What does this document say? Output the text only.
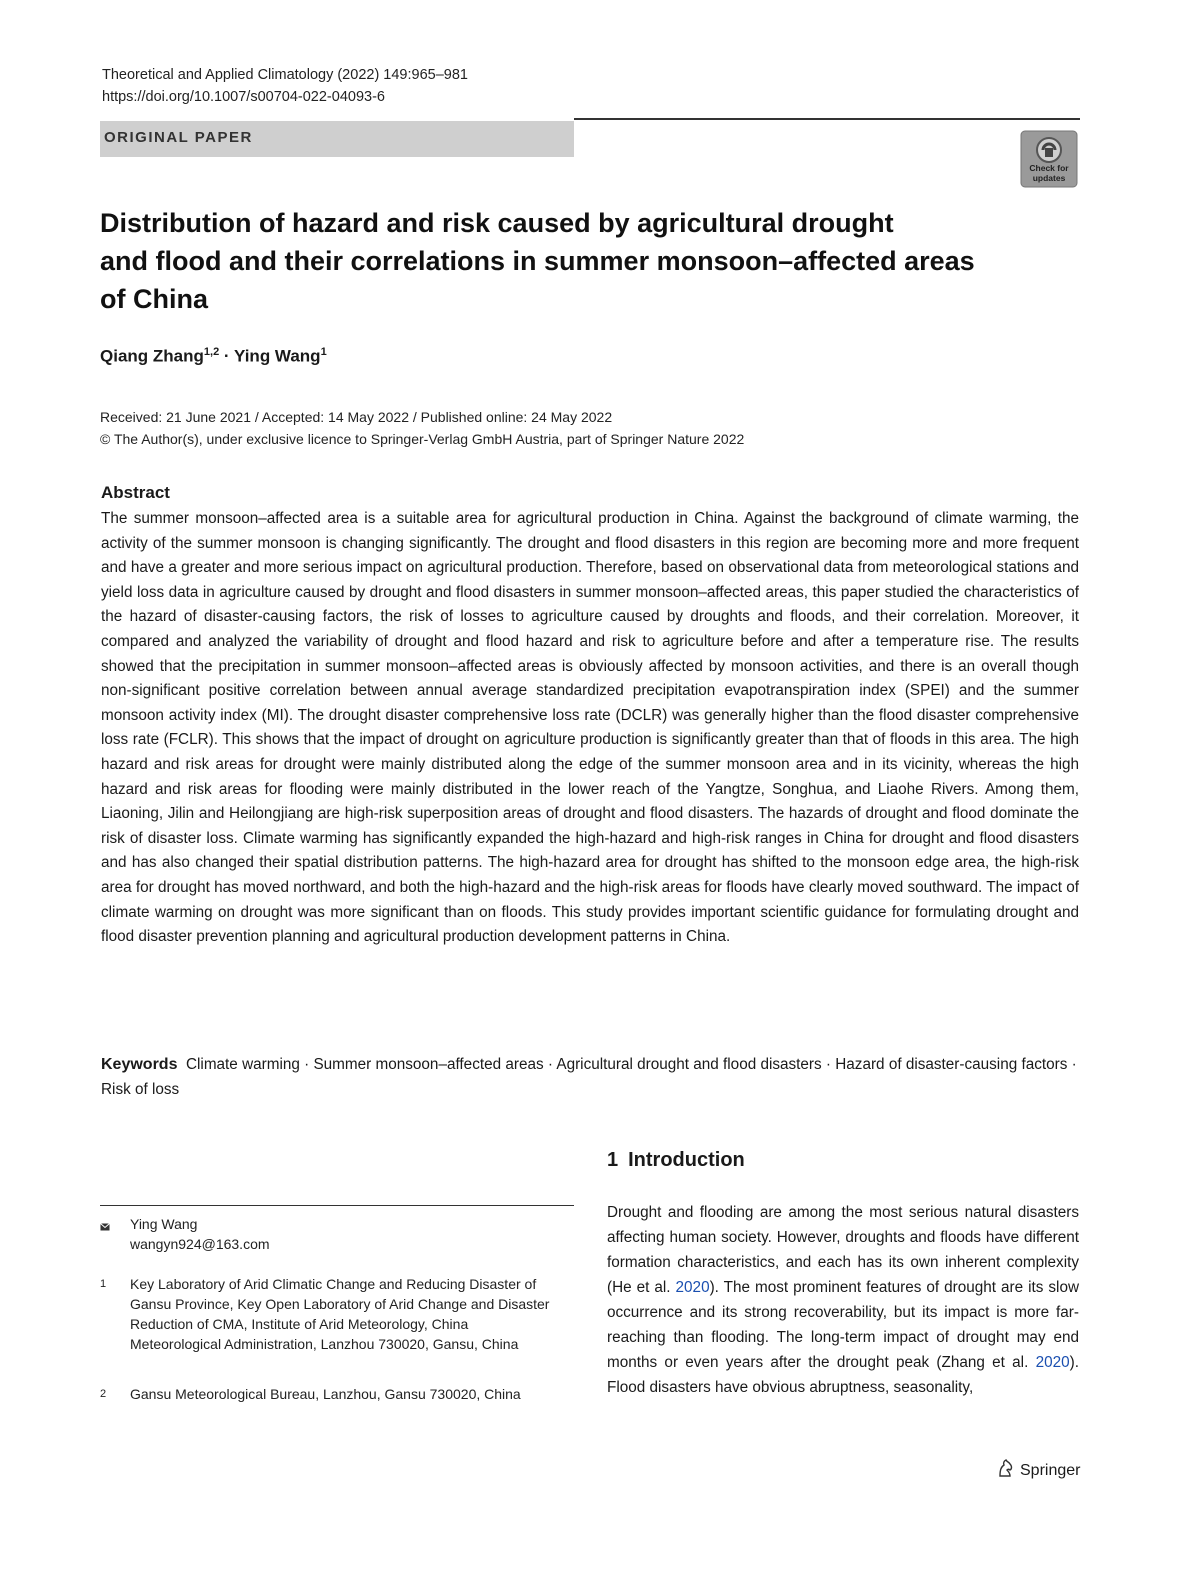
Theoretical and Applied Climatology (2022) 149:965–981
https://doi.org/10.1007/s00704-022-04093-6
ORIGINAL PAPER
Check for
updates
Distribution of hazard and risk caused by agricultural drought
and flood and their correlations in summer monsoon–affected areas
of China
Qiang Zhang$^{1,2}$ · Ying Wang$^1$
Received: 21 June 2021 / Accepted: 14 May 2022 / Published online: 24 May 2022
© The Author(s), under exclusive licence to Springer-Verlag GmbH Austria, part of Springer Nature 2022
Abstract
The summer monsoon–affected area is a suitable area for agricultural production in China. Against the background of climate warming, the activity of the summer monsoon is changing significantly. The drought and flood disasters in this region are becoming more and more frequent and have a greater and more serious impact on agricultural production. Therefore, based on observational data from meteorological stations and yield loss data in agriculture caused by drought and flood disasters in summer monsoon–affected areas, this paper studied the characteristics of the hazard of disaster-causing factors, the risk of losses to agriculture caused by droughts and floods, and their correlation. Moreover, it compared and analyzed the variability of drought and flood hazard and risk to agriculture before and after a temperature rise. The results showed that the precipitation in summer monsoon–affected areas is obviously affected by monsoon activities, and there is an overall though non-significant positive correlation between annual average standardized precipitation evapotranspiration index (SPEI) and the summer monsoon activity index (MI). The drought disaster comprehensive loss rate (DCLR) was generally higher than the flood disaster comprehensive loss rate (FCLR). This shows that the impact of drought on agriculture production is significantly greater than that of floods in this area. The high hazard and risk areas for drought were mainly distributed along the edge of the summer monsoon area and in its vicinity, whereas the high hazard and risk areas for flooding were mainly distributed in the lower reach of the Yangtze, Songhua, and Liaohe Rivers. Among them, Liaoning, Jilin and Heilongjiang are high-risk superposition areas of drought and flood disasters. The hazards of drought and flood dominate the risk of disaster loss. Climate warming has significantly expanded the high-hazard and high-risk ranges in China for drought and flood disasters and has also changed their spatial distribution patterns. The high-hazard area for drought has shifted to the monsoon edge area, the high-risk area for drought has moved northward, and both the high-hazard and the high-risk areas for floods have clearly moved southward. The impact of climate warming on drought was more significant than on floods. This study provides important scientific guidance for formulating drought and flood disaster prevention planning and agricultural production development patterns in China.
Keywords Climate warming · Summer monsoon–affected areas · Agricultural drought and flood disasters · Hazard of disaster-causing factors · Risk of loss
Ying Wang
wangyn924@163.com
1 Key Laboratory of Arid Climatic Change and Reducing Disaster of Gansu Province, Key Open Laboratory of Arid Change and Disaster Reduction of CMA, Institute of Arid Meteorology, China Meteorological Administration, Lanzhou 730020, Gansu, China
2 Gansu Meteorological Bureau, Lanzhou, Gansu 730020, China
1 Introduction
Drought and flooding are among the most serious natural disasters affecting human society. However, droughts and floods have different formation characteristics, and each has its own inherent complexity (He et al. 2020). The most prominent features of drought are its slow occurrence and its strong recoverability, but its impact is more far-reaching than flooding. The long-term impact of drought may end months or even years after the drought peak (Zhang et al. 2020). Flood disasters have obvious abruptness, seasonality,
Springer
